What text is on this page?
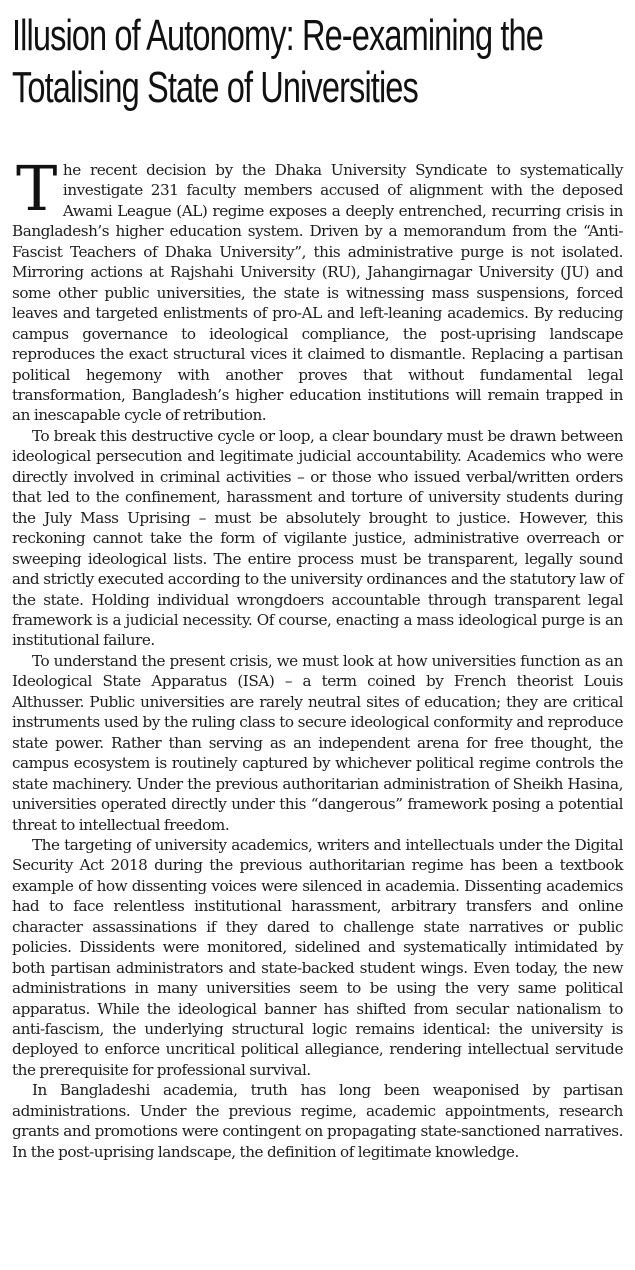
Illusion of Autonomy: Re-examining the
Totalising State of Universities

The recent decision by the Dhaka University Syndicate to systematically investigate 231 faculty members accused of alignment with the deposed Awami League (AL) regime exposes a deeply entrenched, recurring crisis in Bangladesh’s higher education system. Driven by a memorandum from the “Anti-Fascist Teachers of Dhaka University”, this administrative purge is not isolated. Mirroring actions at Rajshahi University (RU), Jahangirnagar University (JU) and some other public universities, the state is witnessing mass suspensions, forced leaves and targeted enlistments of pro-AL and left-leaning academics. By reducing campus governance to ideological compliance, the post-uprising landscape reproduces the exact structural vices it claimed to dismantle. Replacing a partisan political hegemony with another proves that without fundamental legal transformation, Bangladesh’s higher education institutions will remain trapped in an inescapable cycle of retribution.

To break this destructive cycle or loop, a clear boundary must be drawn between ideological persecution and legitimate judicial accountability. Academics who were directly involved in criminal activities – or those who issued verbal/written orders that led to the confinement, harassment and torture of university students during the July Mass Uprising – must be absolutely brought to justice. However, this reckoning cannot take the form of vigilante justice, administrative overreach or sweeping ideological lists. The entire process must be transparent, legally sound and strictly executed according to the university ordinances and the statutory law of the state. Holding individual wrongdoers accountable through transparent legal framework is a judicial necessity. Of course, enacting a mass ideological purge is an institutional failure.

To understand the present crisis, we must look at how universities function as an Ideological State Apparatus (ISA) – a term coined by French theorist Louis Althusser. Public universities are rarely neutral sites of education; they are critical instruments used by the ruling class to secure ideological conformity and reproduce state power. Rather than serving as an independent arena for free thought, the campus ecosystem is routinely captured by whichever political regime controls the state machinery. Under the previous authoritarian administration of Sheikh Hasina, universities operated directly under this “dangerous” framework posing a potential threat to intellectual freedom.

The targeting of university academics, writers and intellectuals under the Digital Security Act 2018 during the previous authoritarian regime has been a textbook example of how dissenting voices were silenced in academia. Dissenting academics had to face relentless institutional harassment, arbitrary transfers and online character assassinations if they dared to challenge state narratives or public policies. Dissidents were monitored, sidelined and systematically intimidated by both partisan administrators and state-backed student wings. Even today, the new administrations in many universities seem to be using the very same political apparatus. While the ideological banner has shifted from secular nationalism to anti-fascism, the underlying structural logic remains identical: the university is deployed to enforce uncritical political allegiance, rendering intellectual servitude the prerequisite for professional survival.

In Bangladeshi academia, truth has long been weaponised by partisan administrations. Under the previous regime, academic appointments, research grants and promotions were contingent on propagating state-sanctioned narratives. In the post-uprising landscape, the definition of legitimate knowledge.
